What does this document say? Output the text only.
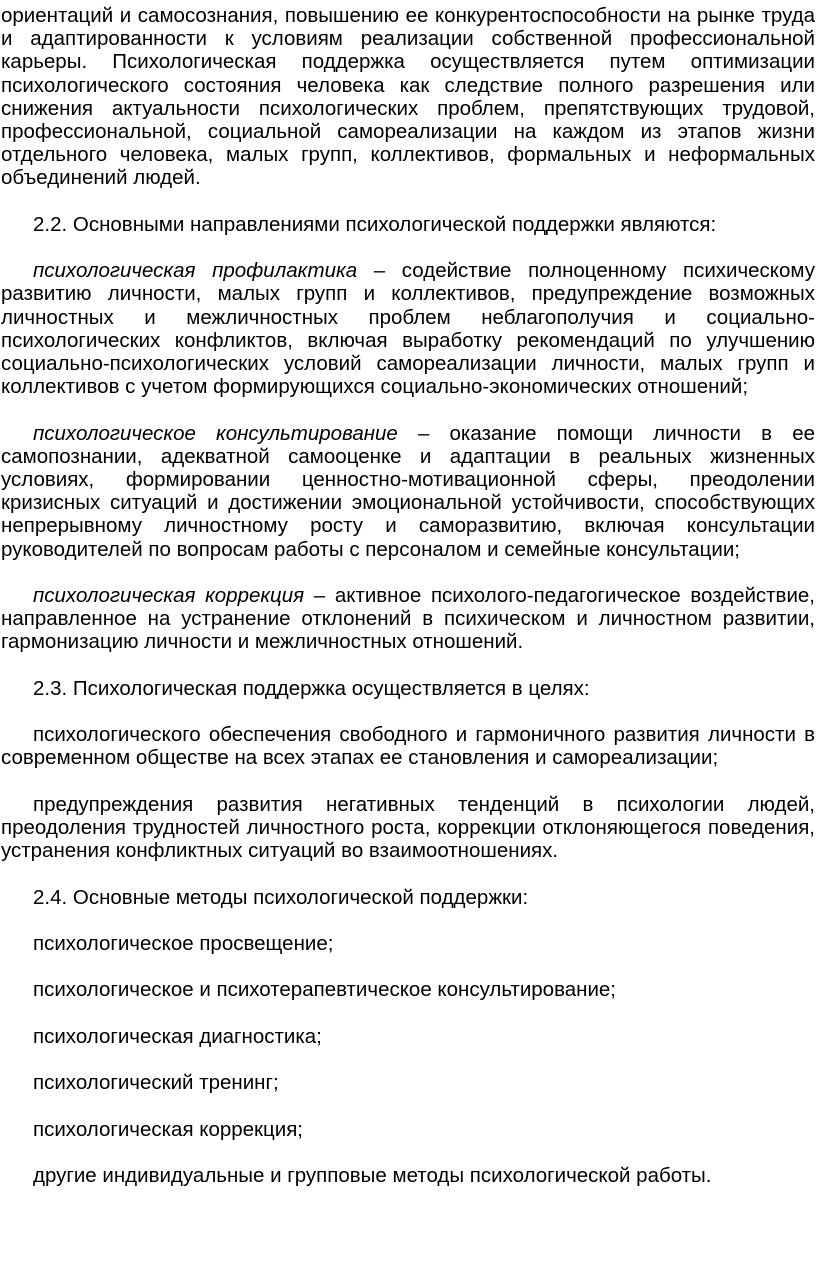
ориентаций и самосознания, повышению ее конкурентоспособности на рынке труда и адаптированности к условиям реализации собственной профессиональной карьеры. Психологическая поддержка осуществляется путем оптимизации психологического состояния человека как следствие полного разрешения или снижения актуальности психологических проблем, препятствующих трудовой, профессиональной, социальной самореализации на каждом из этапов жизни отдельного человека, малых групп, коллективов, формальных и неформальных объединений людей.

2.2. Основными направлениями психологической поддержки являются:

психологическая профилактика – содействие полноценному психическому развитию личности, малых групп и коллективов, предупреждение возможных личностных и межличностных проблем неблагополучия и социально-психологических конфликтов, включая выработку рекомендаций по улучшению социально-психологических условий самореализации личности, малых групп и коллективов с учетом формирующихся социально-экономических отношений;

психологическое консультирование – оказание помощи личности в ее самопознании, адекватной самооценке и адаптации в реальных жизненных условиях, формировании ценностно-мотивационной сферы, преодолении кризисных ситуаций и достижении эмоциональной устойчивости, способствующих непрерывному личностному росту и саморазвитию, включая консультации руководителей по вопросам работы с персоналом и семейные консультации;

психологическая коррекция – активное психолого-педагогическое воздействие, направленное на устранение отклонений в психическом и личностном развитии, гармонизацию личности и межличностных отношений.

2.3. Психологическая поддержка осуществляется в целях:

психологического обеспечения свободного и гармоничного развития личности в современном обществе на всех этапах ее становления и самореализации;

предупреждения развития негативных тенденций в психологии людей, преодоления трудностей личностного роста, коррекции отклоняющегося поведения, устранения конфликтных ситуаций во взаимоотношениях.

2.4. Основные методы психологической поддержки:

психологическое просвещение;

психологическое и психотерапевтическое консультирование;

психологическая диагностика;

психологический тренинг;

психологическая коррекция;

другие индивидуальные и групповые методы психологической работы.
